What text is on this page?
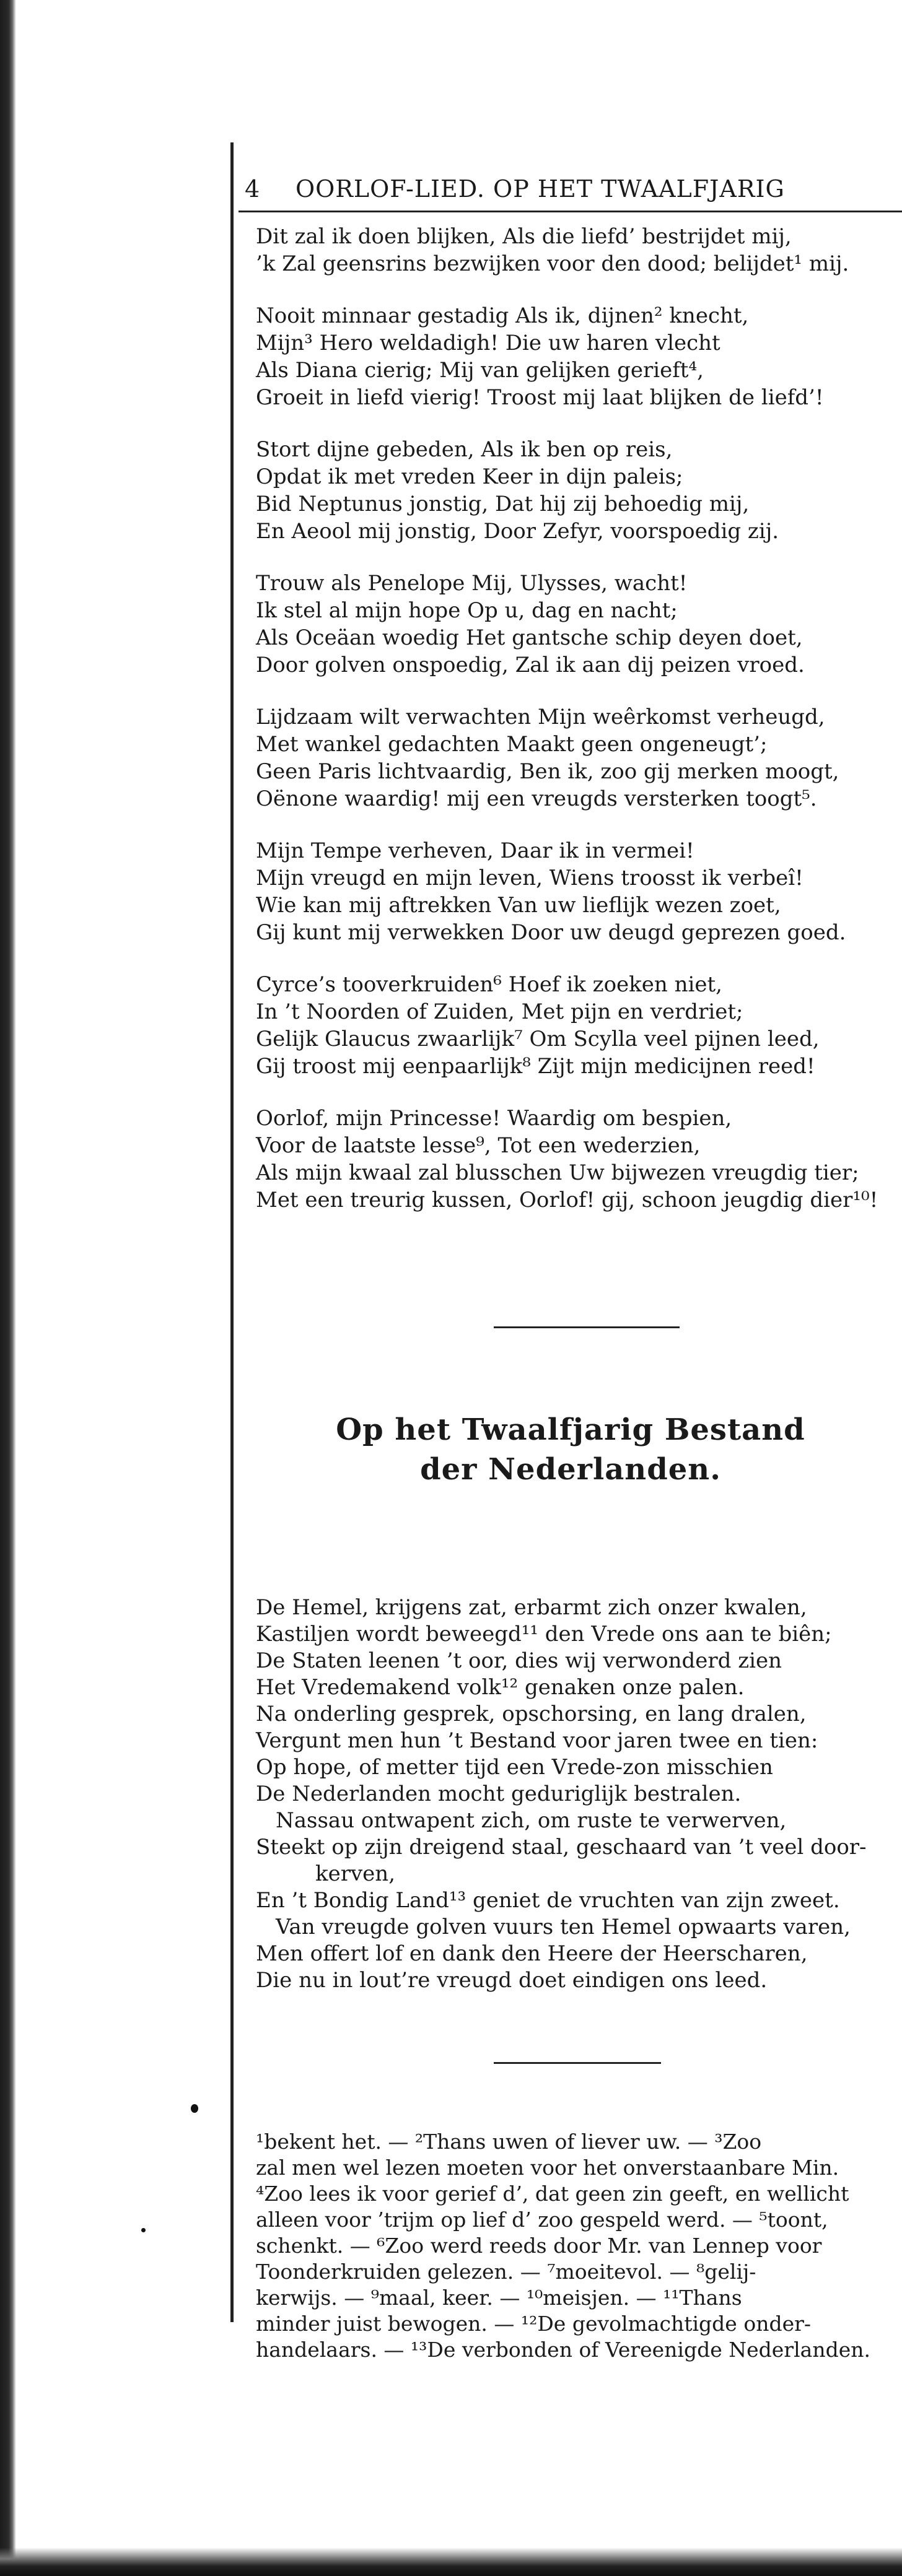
4 OORLOF-LIED. OP HET TWAALFJARIG
Dit zal ik doen blijken, Als die liefd’ bestrijdet mij,
’k Zal geensrins bezwijken voor den dood; belijdet¹ mij.
Nooit minnaar gestadig Als ik, dijnen² knecht,
Mijn³ Hero weldadigh! Die uw haren vlecht
Als Diana cierig; Mij van gelijken gerieft⁴,
Groeit in liefd vierig! Troost mij laat blijken de liefd’!
Stort dijne gebeden, Als ik ben op reis,
Opdat ik met vreden Keer in dijn paleis;
Bid Neptunus jonstig, Dat hij zij behoedig mij,
En Aeool mij jonstig, Door Zefyr, voorspoedig zij.
Trouw als Penelope Mij, Ulysses, wacht!
Ik stel al mijn hope Op u, dag en nacht;
Als Oceäan woedig Het gantsche schip deyen doet,
Door golven onspoedig, Zal ik aan dij peizen vroed.
Lijdzaam wilt verwachten Mijn weêrkomst verheugd,
Met wankel gedachten Maakt geen ongeneugt’;
Geen Paris lichtvaardig, Ben ik, zoo gij merken moogt,
Oënone waardig! mij een vreugds versterken toogt⁵.
Mijn Tempe verheven, Daar ik in vermei!
Mijn vreugd en mijn leven, Wiens troosst ik verbeî!
Wie kan mij aftrekken Van uw lieflijk wezen zoet,
Gij kunt mij verwekken Door uw deugd geprezen goed.
Cyrce’s tooverkruiden⁶ Hoef ik zoeken niet,
In ’t Noorden of Zuiden, Met pijn en verdriet;
Gelijk Glaucus zwaarlijk⁷ Om Scylla veel pijnen leed,
Gij troost mij eenpaarlijk⁸ Zijt mijn medicijnen reed!
Oorlof, mijn Princesse! Waardig om bespien,
Voor de laatste lesse⁹, Tot een wederzien,
Als mijn kwaal zal blusschen Uw bijwezen vreugdig tier;
Met een treurig kussen, Oorlof! gij, schoon jeugdig dier¹⁰!
Op het Twaalfjarig Bestand
der Nederlanden.
De Hemel, krijgens zat, erbarmt zich onzer kwalen,
Kastiljen wordt beweegd¹¹ den Vrede ons aan te biên;
De Staten leenen ’t oor, dies wij verwonderd zien
Het Vredemakend volk¹² genaken onze palen.
Na onderling gesprek, opschorsing, en lang dralen,
Vergunt men hun ’t Bestand voor jaren twee en tien:
Op hope, of metter tijd een Vrede-zon misschien
De Nederlanden mocht geduriglijk bestralen.
Nassau ontwapent zich, om ruste te verwerven,
Steekt op zijn dreigend staal, geschaard van ’t veel door-
kerven,
En ’t Bondig Land¹³ geniet de vruchten van zijn zweet.
Van vreugde golven vuurs ten Hemel opwaarts varen,
Men offert lof en dank den Heere der Heerscharen,
Die nu in lout’re vreugd doet eindigen ons leed.
¹bekent het. — ²Thans uwen of liever uw. — ³Zoo
zal men wel lezen moeten voor het onverstaanbare Min.
⁴Zoo lees ik voor gerief d’, dat geen zin geeft, en wellicht
alleen voor ’trijm op lief d’ zoo gespeld werd. — ⁵toont,
schenkt. — ⁶Zoo werd reeds door Mr. van Lennep voor
Toonderkruiden gelezen. — ⁷moeitevol. — ⁸gelij-
kerwijs. — ⁹maal, keer. — ¹⁰meisjen. — ¹¹Thans
minder juist bewogen. — ¹²De gevolmachtigde onder-
handelaars. — ¹³De verbonden of Vereenigde Nederlanden.
